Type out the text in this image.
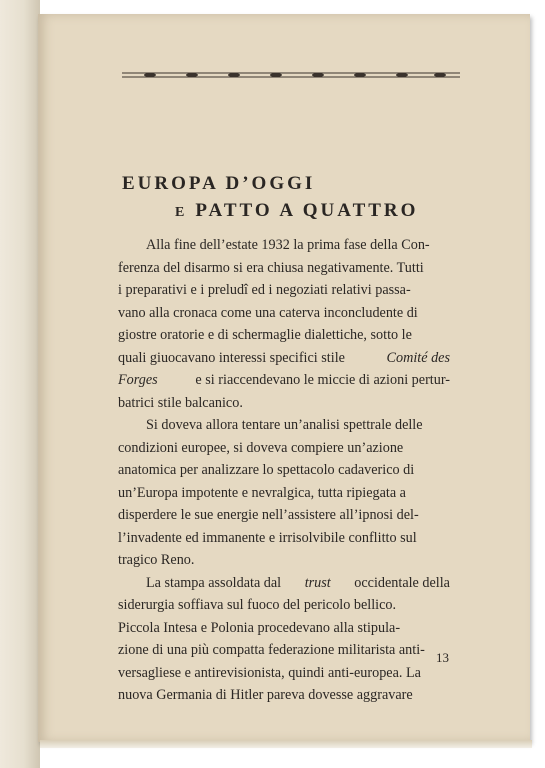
EUROPA D’OGGI
E PATTO A QUATTRO
Alla fine dell’estate 1932 la prima fase della Con-
ferenza del disarmo si era chiusa negativamente. Tutti
i preparativi e i preludî ed i negoziati relativi passa-
vano alla cronaca come una caterva inconcludente di
giostre oratorie e di schermaglie dialettiche, sotto le
quali giuocavano interessi specifici stile	Comité des
Forges	e si riaccendevano le miccie di azioni pertur-
batrici stile balcanico.
Si doveva allora tentare un’analisi spettrale delle
condizioni europee, si doveva compiere un’azione
anatomica per analizzare lo spettacolo cadaverico di
un’Europa impotente e nevralgica, tutta ripiegata a
disperdere le sue energie nell’assistere all’ipnosi del-
l’invadente ed immanente e irrisolvibile conflitto sul
tragico Reno.
La stampa assoldata dal trust occidentale della
siderurgia soffiava sul fuoco del pericolo bellico.
Piccola Intesa e Polonia procedevano alla stipula-
zione di una più compatta federazione militarista anti-
versagliese e antirevisionista, quindi anti-europea. La
nuova Germania di Hitler pareva dovesse aggravare
13
